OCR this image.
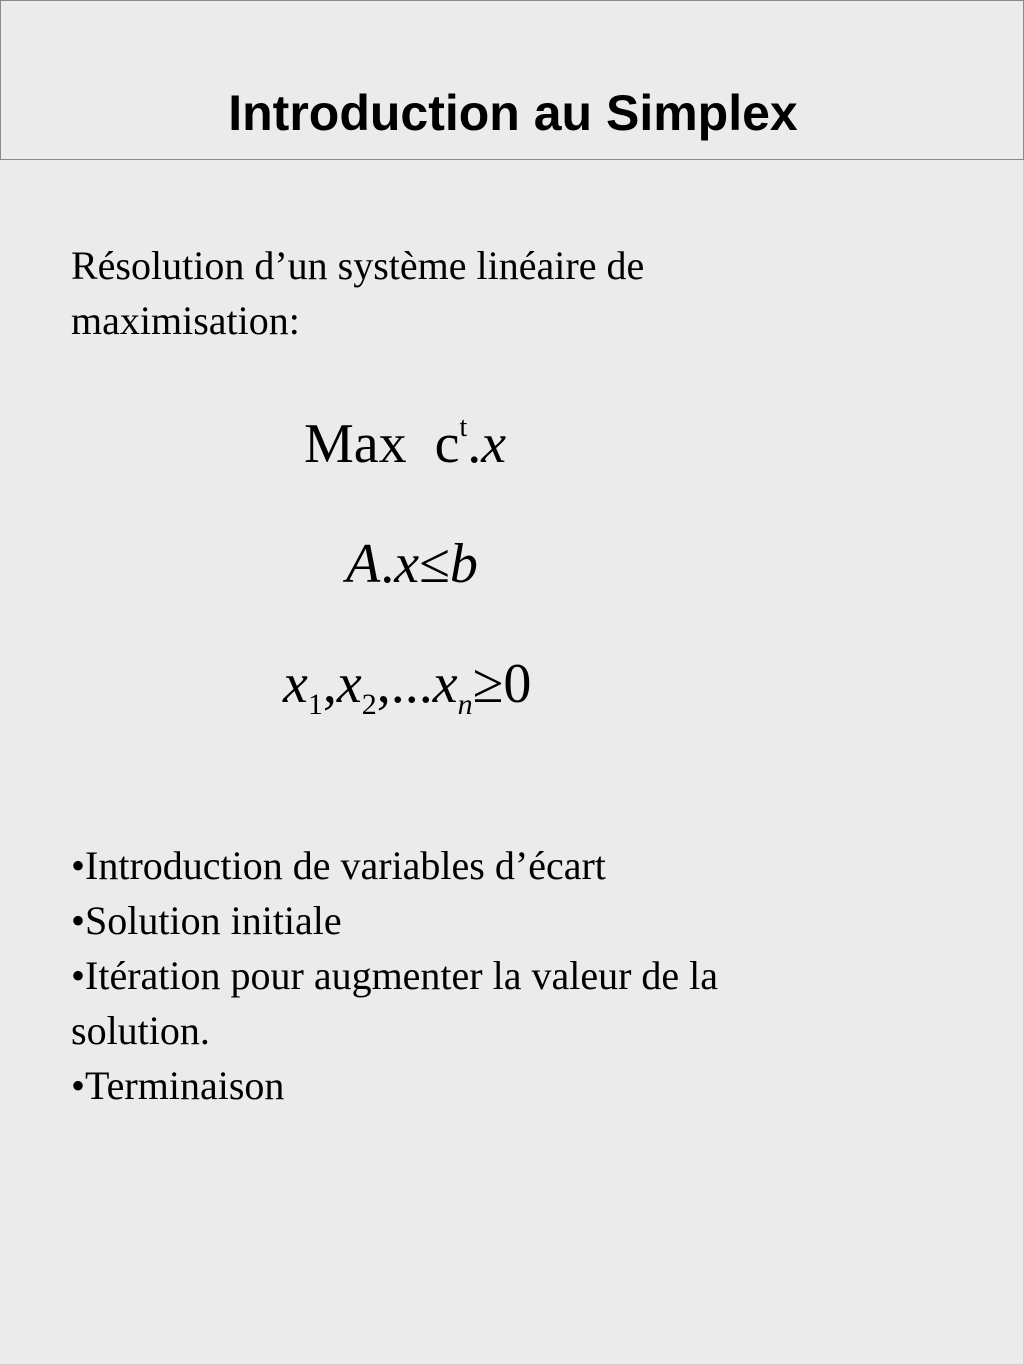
Introduction au Simplex
Résolution d’un système linéaire de
maximisation:
Max $c^t.x$
A.x≤b
$x_1,x_2,...x_n\ge 0$
•Introduction de variables d’écart
•Solution initiale
•Itération pour augmenter la valeur de la
solution.
•Terminaison
